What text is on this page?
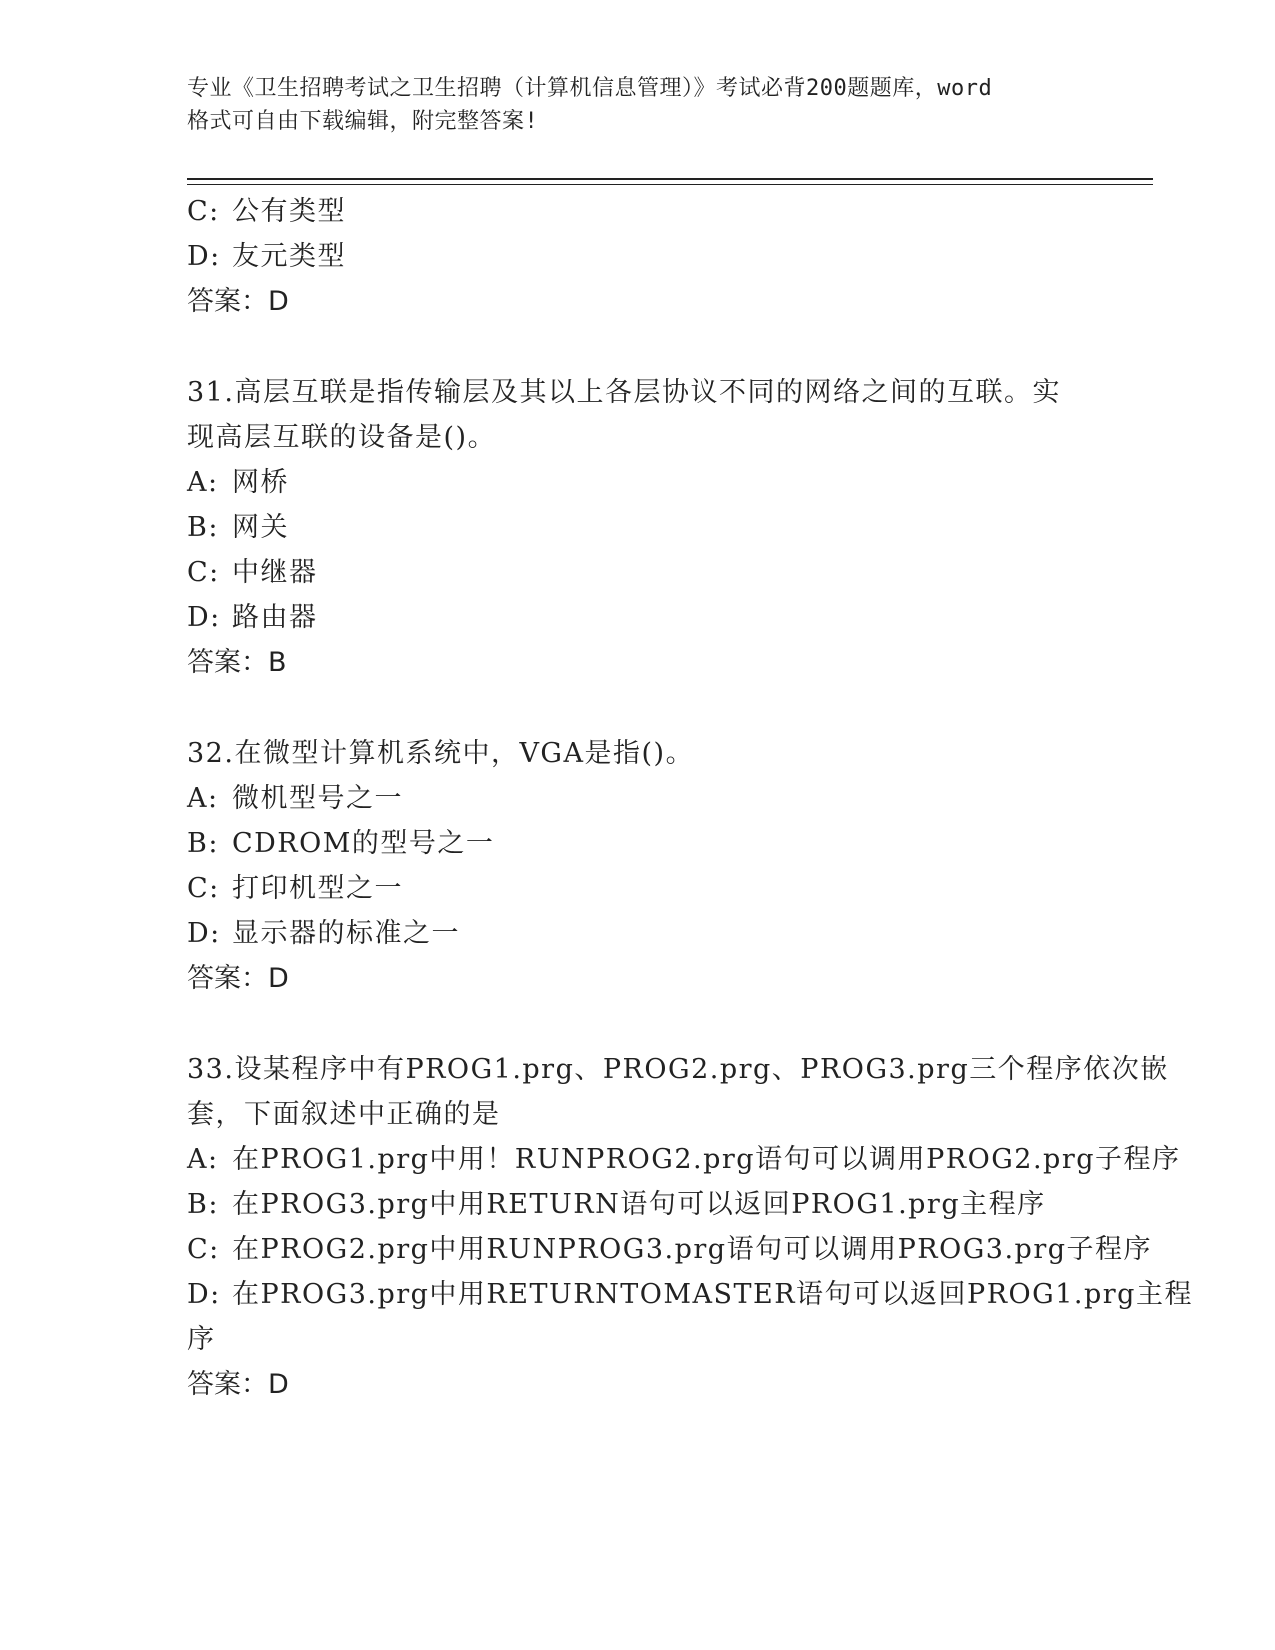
专业《卫生招聘考试之卫生招聘（计算机信息管理）》考试必背200题题库，word
格式可自由下载编辑，附完整答案!

C: 公有类型

D: 友元类型

答案：D

31.高层互联是指传输层及其以上各层协议不同的网络之间的互联。实

现高层互联的设备是()。

A: 网桥

B: 网关

C: 中继器

D: 路由器

答案：B

32.在微型计算机系统中，VGA是指()。

A: 微机型号之一

B: CDROM的型号之一

C: 打印机型之一

D: 显示器的标准之一

答案：D

33.设某程序中有PROG1.prg、PROG2.prg、PROG3.prg三个程序依次嵌

套，下面叙述中正确的是

A: 在PROG1.prg中用！RUNPROG2.prg语句可以调用PROG2.prg子程序

B: 在PROG3.prg中用RETURN语句可以返回PROG1.prg主程序

C: 在PROG2.prg中用RUNPROG3.prg语句可以调用PROG3.prg子程序

D: 在PROG3.prg中用RETURNTOMASTER语句可以返回PROG1.prg主程

序

答案：D
